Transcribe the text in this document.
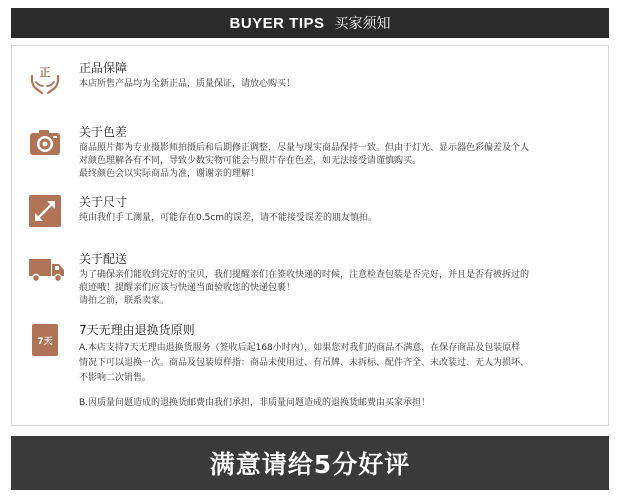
BUYER TIPS 买家须知
正 正品保障
本店所售产品均为全新正品，质量保证，请放心购买！
关于色差
商品照片都为专业摄影师拍摄后和后期修正调整，尽量与现实商品保持一致。但由于灯光、显示器色彩偏差及个人
对颜色理解各有不同，导致少数实物可能会与照片存在色差，如无法接受请谨慎购买。
最终颜色会以实际商品为准，谢谢亲的理解！
关于尺寸
纯由我们手工测量，可能存在0.5cm的误差，请不能接受误差的朋友慎拍。
关于配送
为了确保亲们能收到完好的宝贝，我们提醒亲们在签收快递的时候，注意检查包装是否完好，并且是否有被拆过的
痕迹哦！提醒亲们应该与快递当面验收您的快递包裹！
请拍之前，联系卖家。
7天
7天无理由退换货原则
A.本店支持7天无理由退换货服务（签收后起168小时内），如果您对我们的商品不满意，在保存商品及包装原样
情况下可以退换一次。商品及包装原样指：商品未使用过、有吊牌、未拆标、配件齐全、未改装过、无人为损坏、
不影响二次销售。
B.因质量问题造成的退换货邮费由我们承担，非质量问题造成的退换货邮费由买家承担！
满意请给5分好评
